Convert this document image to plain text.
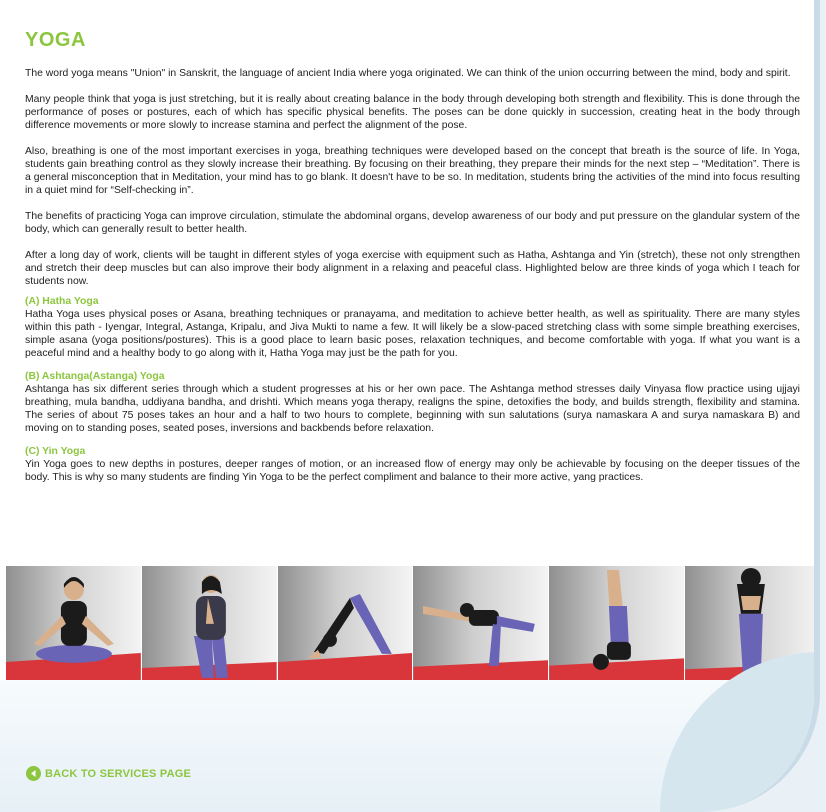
YOGA

The word yoga means "Union" in Sanskrit, the language of ancient India where yoga originated. We can think of the union occurring between the mind, body and spirit.

Many people think that yoga is just stretching, but it is really about creating balance in the body through developing both strength and flexibility. This is done through the performance of poses or postures, each of which has specific physical benefits. The poses can be done quickly in succession, creating heat in the body through difference movements or more slowly to increase stamina and perfect the alignment of the pose.

Also, breathing is one of the most important exercises in yoga, breathing techniques were developed based on the concept that breath is the source of life. In Yoga, students gain breathing control as they slowly increase their breathing. By focusing on their breathing, they prepare their minds for the next step – “Meditation”. There is a general misconception that in Meditation, your mind has to go blank. It doesn't have to be so. In meditation, students bring the activities of the mind into focus resulting in a quiet mind for “Self-checking in”.

The benefits of practicing Yoga can improve circulation, stimulate the abdominal organs, develop awareness of our body and put pressure on the glandular system of the body, which can generally result to better health.

After a long day of work, clients will be taught in different styles of yoga exercise with equipment such as Hatha, Ashtanga and Yin (stretch), these not only strengthen and stretch their deep muscles but can also improve their body alignment in a relaxing and peaceful class. Highlighted below are three kinds of yoga which I teach for students now.

(A) Hatha Yoga

Hatha Yoga uses physical poses or Asana, breathing techniques or pranayama, and meditation to achieve better health, as well as spirituality. There are many styles within this path - Iyengar, Integral, Astanga, Kripalu, and Jiva Mukti to name a few. It will likely be a slow-paced stretching class with some simple breathing exercises, simple asana (yoga positions/postures). This is a good place to learn basic poses, relaxation techniques, and become comfortable with yoga. If what you want is a peaceful mind and a healthy body to go along with it, Hatha Yoga may just be the path for you.

(B) Ashtanga(Astanga) Yoga

Ashtanga has six different series through which a student progresses at his or her own pace. The Ashtanga method stresses daily Vinyasa flow practice using ujjayi breathing, mula bandha, uddiyana bandha, and drishti. Which means yoga therapy, realigns the spine, detoxifies the body, and builds strength, flexibility and stamina. The series of about 75 poses takes an hour and a half to two hours to complete, beginning with sun salutations (surya namaskara A and surya namaskara B) and moving on to standing poses, seated poses, inversions and backbends before relaxation.

(C) Yin Yoga

Yin Yoga goes to new depths in postures, deeper ranges of motion, or an increased flow of energy may only be achievable by focusing on the deeper tissues of the body. This is why so many students are finding Yin Yoga to be the perfect compliment and balance to their more active, yang practices.

BACK TO SERVICES PAGE
